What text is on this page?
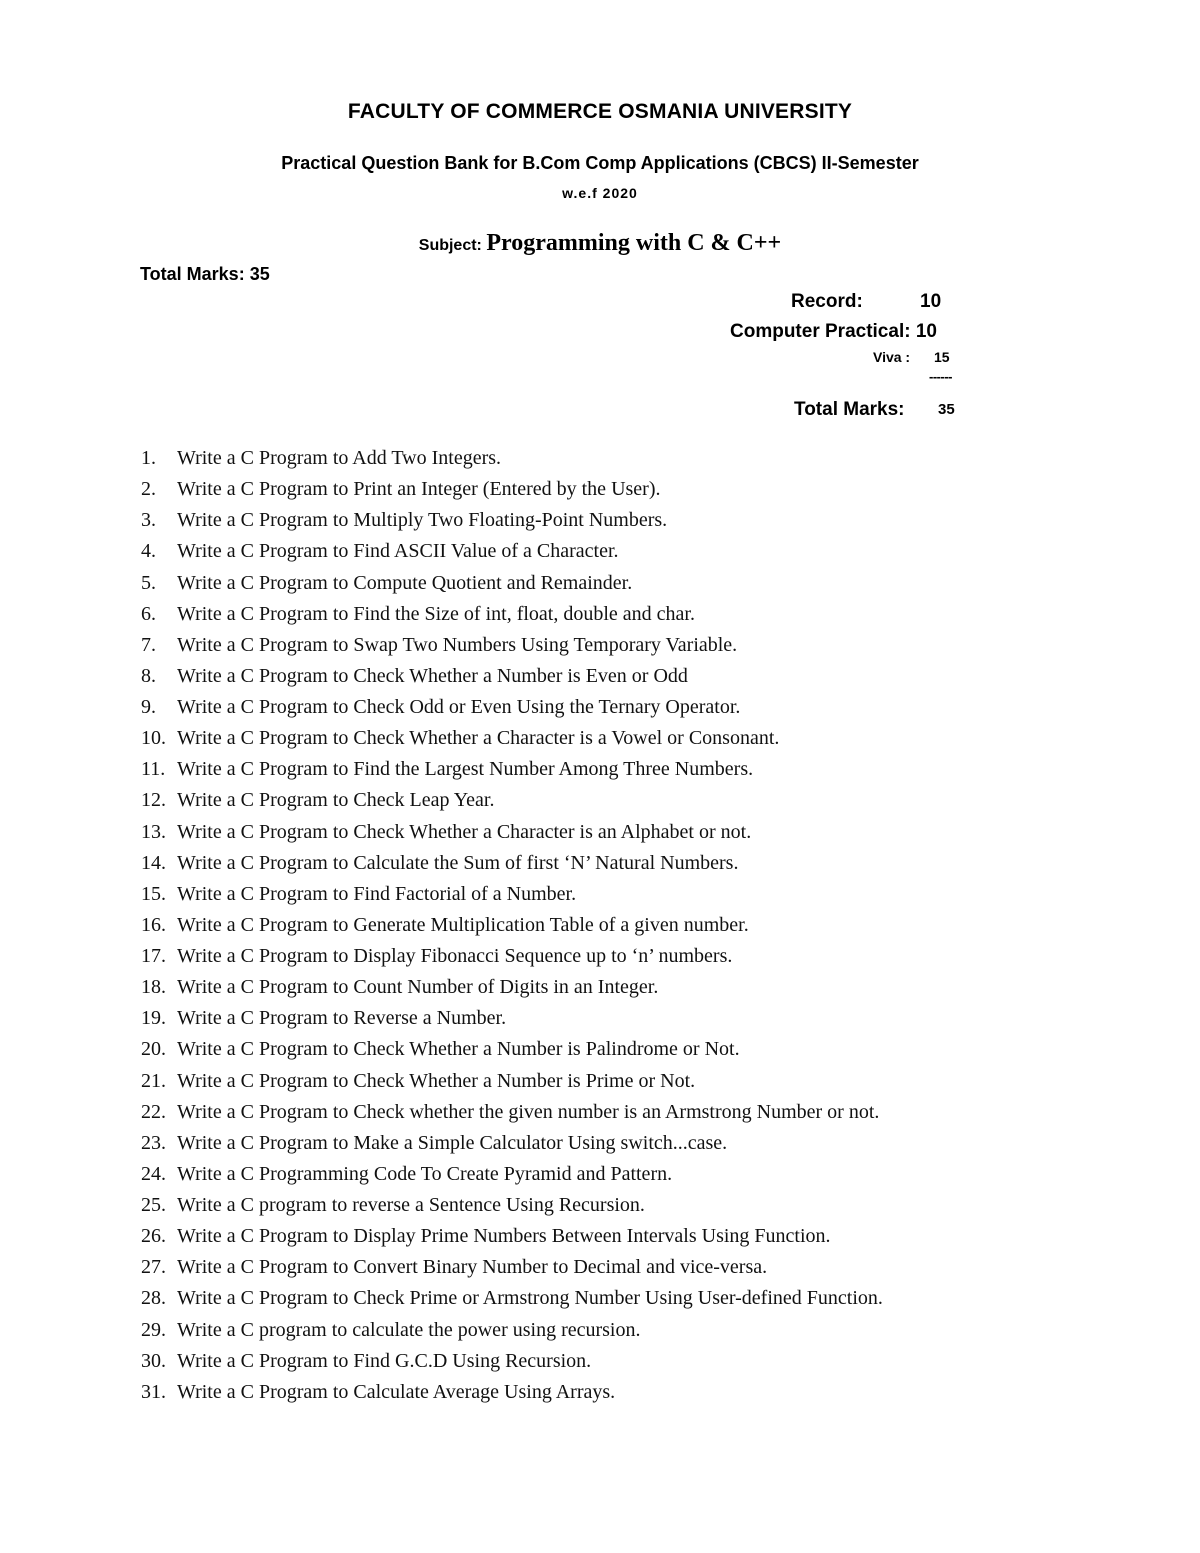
FACULTY OF COMMERCE OSMANIA UNIVERSITY
Practical Question Bank for B.Com Comp Applications (CBCS) II-Semester
w.e.f 2020
Subject: Programming with C & C++
Total Marks: 35
Record:	10
Computer Practical: 10
Viva : 15
------
Total Marks: 35
1. Write a C Program to Add Two Integers.
2. Write a C Program to Print an Integer (Entered by the User).
3. Write a C Program to Multiply Two Floating-Point Numbers.
4. Write a C Program to Find ASCII Value of a Character.
5. Write a C Program to Compute Quotient and Remainder.
6. Write a C Program to Find the Size of int, float, double and char.
7. Write a C Program to Swap Two Numbers Using Temporary Variable.
8. Write a C Program to Check Whether a Number is Even or Odd
9. Write a C Program to Check Odd or Even Using the Ternary Operator.
10. Write a C Program to Check Whether a Character is a Vowel or Consonant.
11. Write a C Program to Find the Largest Number Among Three Numbers.
12. Write a C Program to Check Leap Year.
13. Write a C Program to Check Whether a Character is an Alphabet or not.
14. Write a C Program to Calculate the Sum of first ‘N’ Natural Numbers.
15. Write a C Program to Find Factorial of a Number.
16. Write a C Program to Generate Multiplication Table of a given number.
17. Write a C Program to Display Fibonacci Sequence up to ‘n’ numbers.
18. Write a C Program to Count Number of Digits in an Integer.
19. Write a C Program to Reverse a Number.
20. Write a C Program to Check Whether a Number is Palindrome or Not.
21. Write a C Program to Check Whether a Number is Prime or Not.
22. Write a C Program to Check whether the given number is an Armstrong Number or not.
23. Write a C Program to Make a Simple Calculator Using switch...case.
24. Write a C Programming Code To Create Pyramid and Pattern.
25. Write a C program to reverse a Sentence Using Recursion.
26. Write a C Program to Display Prime Numbers Between Intervals Using Function.
27. Write a C Program to Convert Binary Number to Decimal and vice-versa.
28. Write a C Program to Check Prime or Armstrong Number Using User-defined Function.
29. Write a C program to calculate the power using recursion.
30. Write a C Program to Find G.C.D Using Recursion.
31. Write a C Program to Calculate Average Using Arrays.
